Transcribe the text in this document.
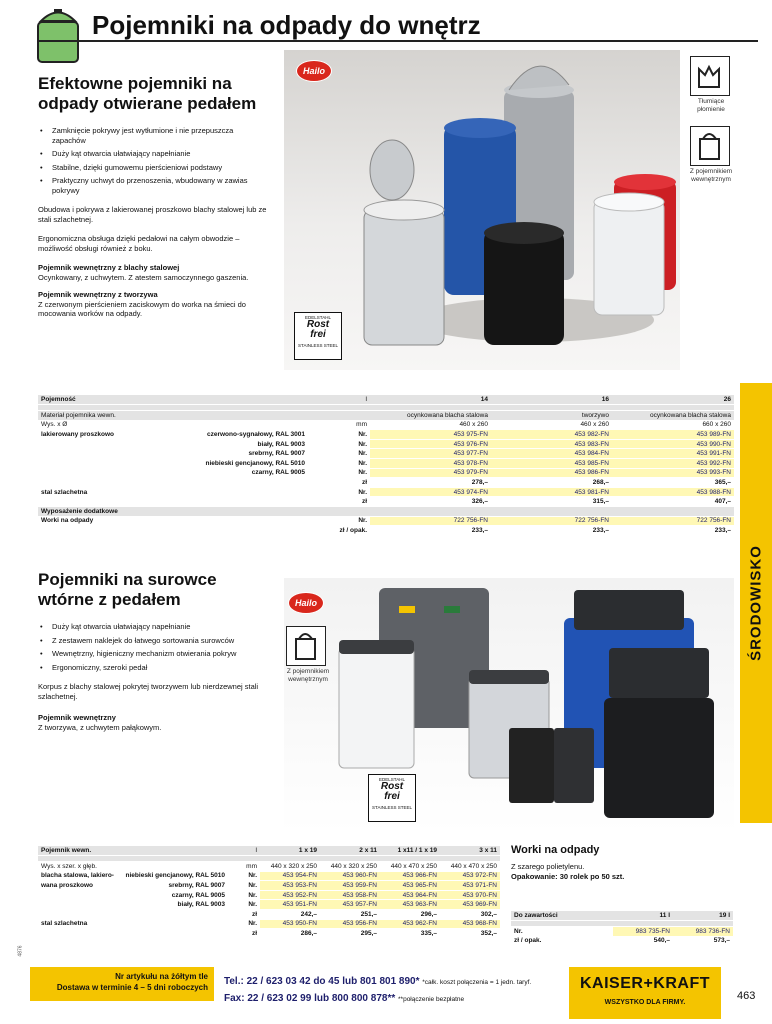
Pojemniki na odpady do wnętrz
Efektowne pojemniki na odpady otwierane pedałem
• Zamknięcie pokrywy jest wytłumione i nie przepuszcza zapachów
• Duży kąt otwarcia ułatwiający napełnianie
• Stabilne, dzięki gumowemu pierścieniowi podstawy
• Praktyczny uchwyt do przenoszenia, wbudowany w zawias pokrywy
Obudowa i pokrywa z lakierowanej proszkowo blachy stalowej lub ze stali szlachetnej.
Ergonomiczna obsługa dzięki pedałowi na całym obwodzie – możliwość obsługi również z boku.
Pojemnik wewnętrzny z blachy stalowej
Ocynkowany, z uchwytem. Z atestem samoczynnego gaszenia.
Pojemnik wewnętrzny z tworzywa
Z czerwonym pierścieniem zaciskowym do worka na śmieci do mocowania worków na odpady.
Hailo
EDELSTAHL
Rost
frei
STAINLESS STEEL
Tłumiące płomienie
Z pojemnikiem wewnętrznym
ŚRODOWISKO
Pojemność		l	14	16	26

Materiał pojemnika wewn.			ocynkowana blacha stalowa	tworzywo	ocynkowana blacha stalowa
Wys. x Ø		mm	460 x 260	460 x 260	660 x 260
lakierowany proszkowo	czerwono-sygnałowy, RAL 3001	Nr.	453 975-FN	453 982-FN	453 989-FN
	biały, RAL 9003	Nr.	453 976-FN	453 983-FN	453 990-FN
	srebrny, RAL 9007	Nr.	453 977-FN	453 984-FN	453 991-FN
	niebieski gencjanowy, RAL 5010	Nr.	453 978-FN	453 985-FN	453 992-FN
	czarny, RAL 9005	Nr.	453 979-FN	453 986-FN	453 993-FN
		zł	278,–	268,–	365,–
stal szlachetna		Nr.	453 974-FN	453 981-FN	453 988-FN
		zł	326,–	315,–	407,–
Wyposażenie dodatkowe					
Worki na odpady		Nr.	722 756-FN	722 756-FN	722 756-FN
		zł / opak.	233,–	233,–	233,–
Pojemniki na surowce wtórne z pedałem
• Duży kąt otwarcia ułatwiający napełnianie
• Z zestawem naklejek do łatwego sortowania surowców
• Wewnętrzny, higieniczny mechanizm otwierania pokryw
• Ergonomiczny, szeroki pedał
Korpus z blachy stalowej pokrytej tworzywem lub nierdzewnej stali szlachetnej.
Pojemnik wewnętrzny
Z tworzywa, z uchwytem pałąkowym.
Hailo
Z pojemnikiem wewnętrznym
EDELSTAHL
Rost
frei
STAINLESS STEEL
Pojemnik wewn.		l	1 x 19	2 x 11	1 x11 / 1 x 19	3 x 11

Wys. x szer. x głęb.		mm	440 x 320 x 250	440 x 320 x 250	440 x 470 x 250	440 x 470 x 250
blacha stalowa, lakiero-	niebieski gencjanowy, RAL 5010	Nr.	453 954-FN	453 960-FN	453 966-FN	453 972-FN
wana proszkowo	srebrny, RAL 9007	Nr.	453 953-FN	453 959-FN	453 965-FN	453 971-FN
	czarny, RAL 9005	Nr.	453 952-FN	453 958-FN	453 964-FN	453 970-FN
	biały, RAL 9003	Nr.	453 951-FN	453 957-FN	453 963-FN	453 969-FN
		zł	242,–	251,–	296,–	302,–
stal szlachetna		Nr.	453 950-FN	453 956-FN	453 962-FN	453 968-FN
		zł	286,–	295,–	335,–	352,–
Worki na odpady
Z szarego polietylenu.
Opakowanie: 30 rolek po 50 szt.
Do zawartości	11 l	19 l

Nr.	983 735-FN	983 736-FN
zł / opak.	540,–	573,–
4876
Nr artykułu na żółtym tle
Dostawa w terminie 4 – 5 dni roboczych
Tel.: 22 / 623 03 42 do 45 lub 801 801 890* *całk. koszt połączenia = 1 jedn. taryf.
Fax: 22 / 623 02 99 lub 800 800 878** **połączenie bezpłatne
KAISER+KRAFT
WSZYSTKO DLA FIRMY.
463
